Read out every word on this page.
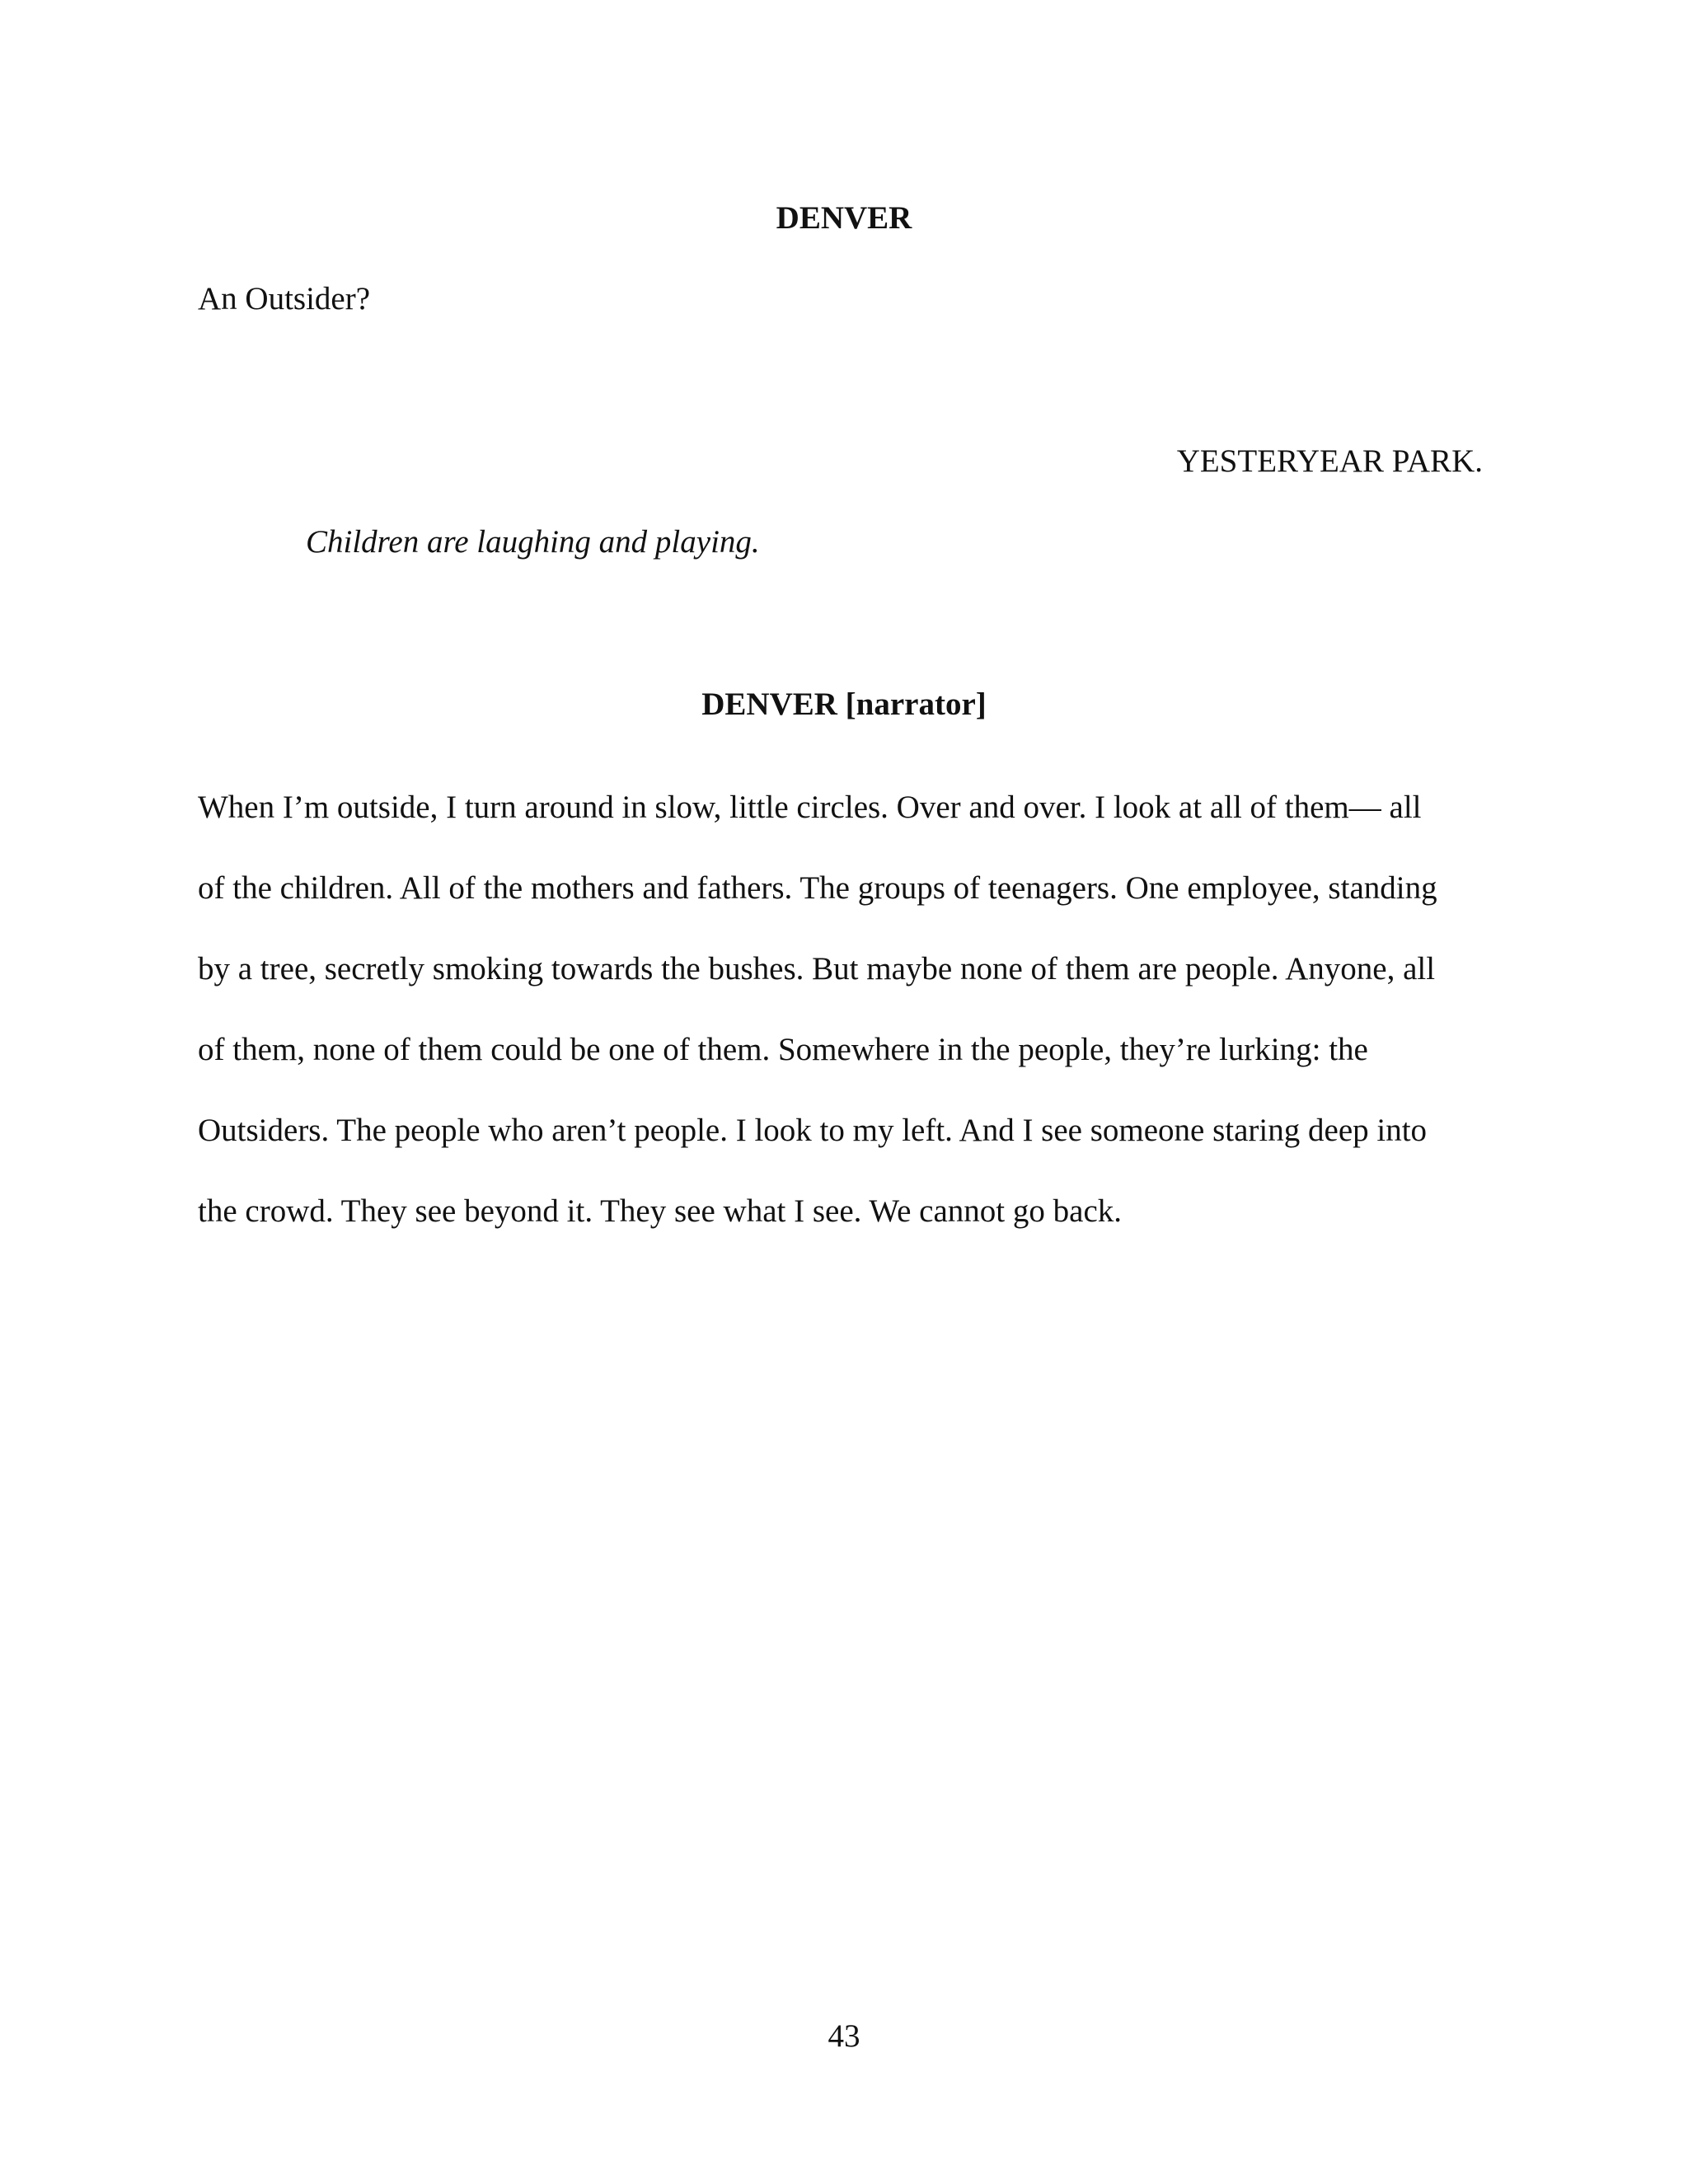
DENVER
An Outsider?
YESTERYEAR PARK.
Children are laughing and playing.
DENVER [narrator]
When I’m outside, I turn around in slow, little circles. Over and over. I look at all of them— all
of the children. All of the mothers and fathers. The groups of teenagers. One employee, standing
by a tree, secretly smoking towards the bushes. But maybe none of them are people. Anyone, all
of them, none of them could be one of them. Somewhere in the people, they’re lurking: the
Outsiders. The people who aren’t people. I look to my left. And I see someone staring deep into
the crowd. They see beyond it. They see what I see. We cannot go back.
43
